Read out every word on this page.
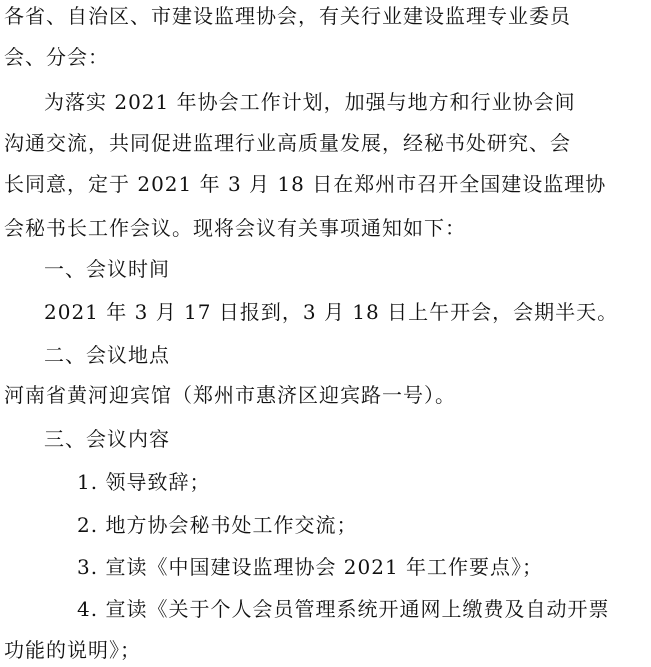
各省、自治区、市建设监理协会，有关行业建设监理专业委员
会、分会：
为落实 2021 年协会工作计划，加强与地方和行业协会间
沟通交流，共同促进监理行业高质量发展，经秘书处研究、会
长同意，定于 2021 年 3 月 18 日在郑州市召开全国建设监理协
会秘书长工作会议。现将会议有关事项通知如下：
一、会议时间
2021 年 3 月 17 日报到，3 月 18 日上午开会，会期半天。
二、会议地点
河南省黄河迎宾馆（郑州市惠济区迎宾路一号）。
三、会议内容
1. 领导致辞；
2. 地方协会秘书处工作交流；
3. 宣读《中国建设监理协会 2021 年工作要点》；
4. 宣读《关于个人会员管理系统开通网上缴费及自动开票
功能的说明》；
